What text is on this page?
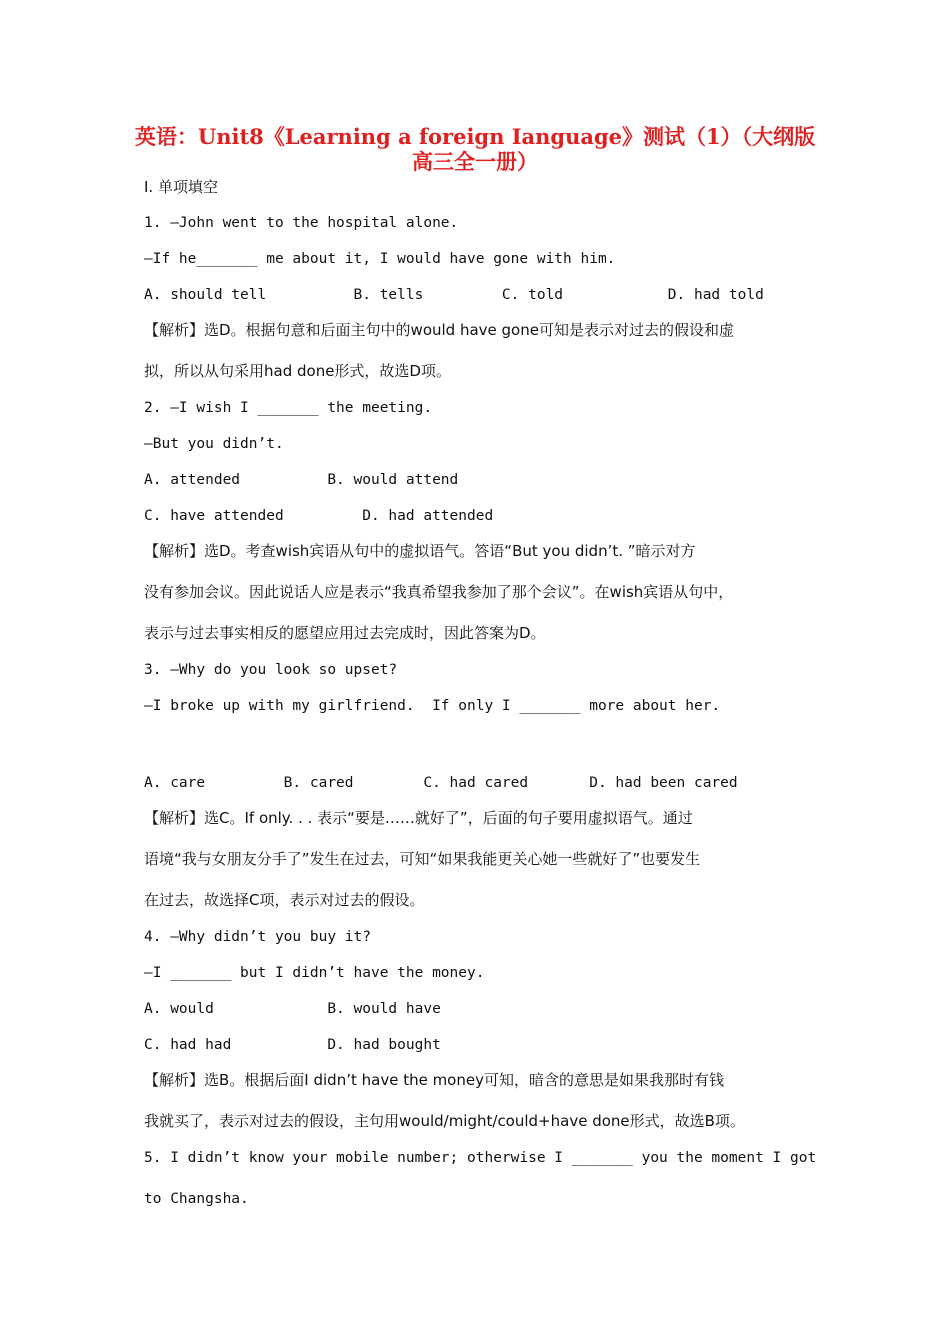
英语：Unit8《Learning a foreign Ianguage》测试（1）（大纲版
高三全一册）
Ⅰ. 单项填空
1. —John went to the hospital alone.
—If he_______ me about it, I would have gone with him.
A. should tell          B. tells         C. told            D. had told
【解析】选D。根据句意和后面主句中的would have gone可知是表示对过去的假设和虚
拟，所以从句采用had done形式，故选D项。
2. —I wish I _______ the meeting.
—But you didn’t.
A. attended          B. would attend
C. have attended         D. had attended
【解析】选D。考查wish宾语从句中的虚拟语气。答语“But you didn’t. ”暗示对方
没有参加会议。因此说话人应是表示“我真希望我参加了那个会议”。在wish宾语从句中，
表示与过去事实相反的愿望应用过去完成时，因此答案为D。
3. —Why do you look so upset?
—I broke up with my girlfriend.  If only I _______ more about her.
A. care         B. cared        C. had cared       D. had been cared
【解析】选C。If only. . . 表示“要是……就好了”，后面的句子要用虚拟语气。通过
语境“我与女朋友分手了”发生在过去，可知“如果我能更关心她一些就好了”也要发生
在过去，故选择C项，表示对过去的假设。
4. —Why didn’t you buy it?
—I _______ but I didn’t have the money.
A. would             B. would have
C. had had           D. had bought
【解析】选B。根据后面I didn’t have the money可知，暗含的意思是如果我那时有钱
我就买了，表示对过去的假设，主句用would/might/could+have done形式，故选B项。
5. I didn’t know your mobile number; otherwise I _______ you the moment I got
to Changsha.
